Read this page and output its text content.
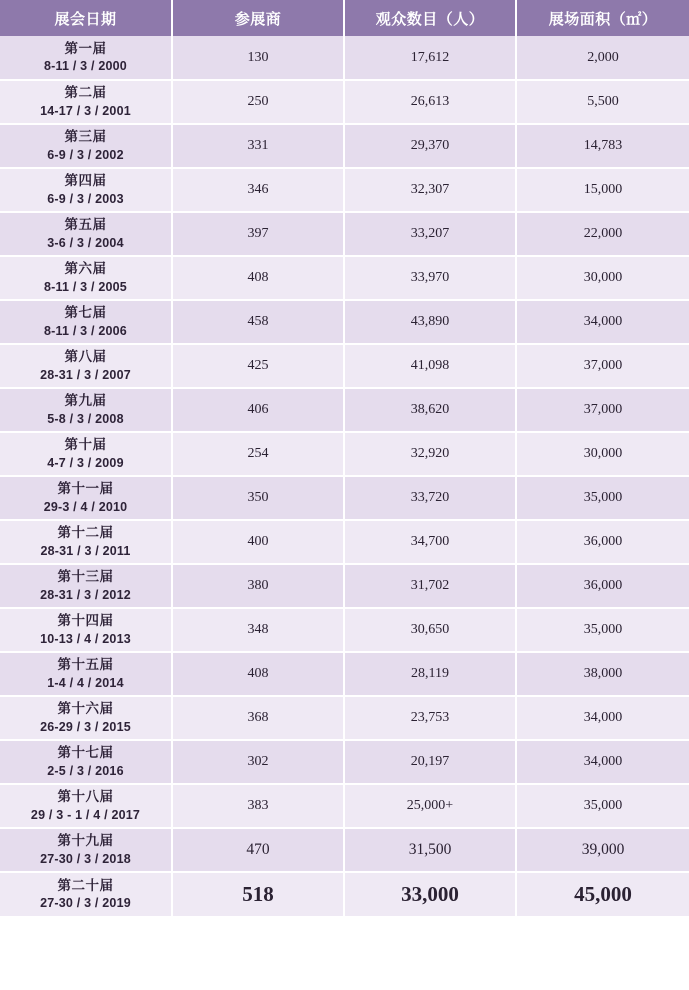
展会日期	参展商	观众数目（人）	展场面积（㎡）

第一届
8-11 / 3 / 2000	130	17,612	2,000

第二届
14-17 / 3 / 2001	250	26,613	5,500

第三届
6-9 / 3 / 2002	331	29,370	14,783

第四届
6-9 / 3 / 2003	346	32,307	15,000

第五届
3-6 / 3 / 2004	397	33,207	22,000

第六届
8-11 / 3 / 2005	408	33,970	30,000

第七届
8-11 / 3 / 2006	458	43,890	34,000

第八届
28-31 / 3 / 2007	425	41,098	37,000

第九届
5-8 / 3 / 2008	406	38,620	37,000

第十届
4-7 / 3 / 2009	254	32,920	30,000

第十一届
29-3 / 4 / 2010	350	33,720	35,000

第十二届
28-31 / 3 / 2011	400	34,700	36,000

第十三届
28-31 / 3 / 2012	380	31,702	36,000

第十四届
10-13 / 4 / 2013	348	30,650	35,000

第十五届
1-4 / 4 / 2014	408	28,119	38,000

第十六届
26-29 / 3 / 2015	368	23,753	34,000

第十七届
2-5 / 3 / 2016	302	20,197	34,000

第十八届
29 / 3 - 1 / 4 / 2017	383	25,000+	35,000

第十九届
27-30 / 3 / 2018	470	31,500	39,000

第二十届
27-30 / 3 / 2019	518	33,000	45,000
